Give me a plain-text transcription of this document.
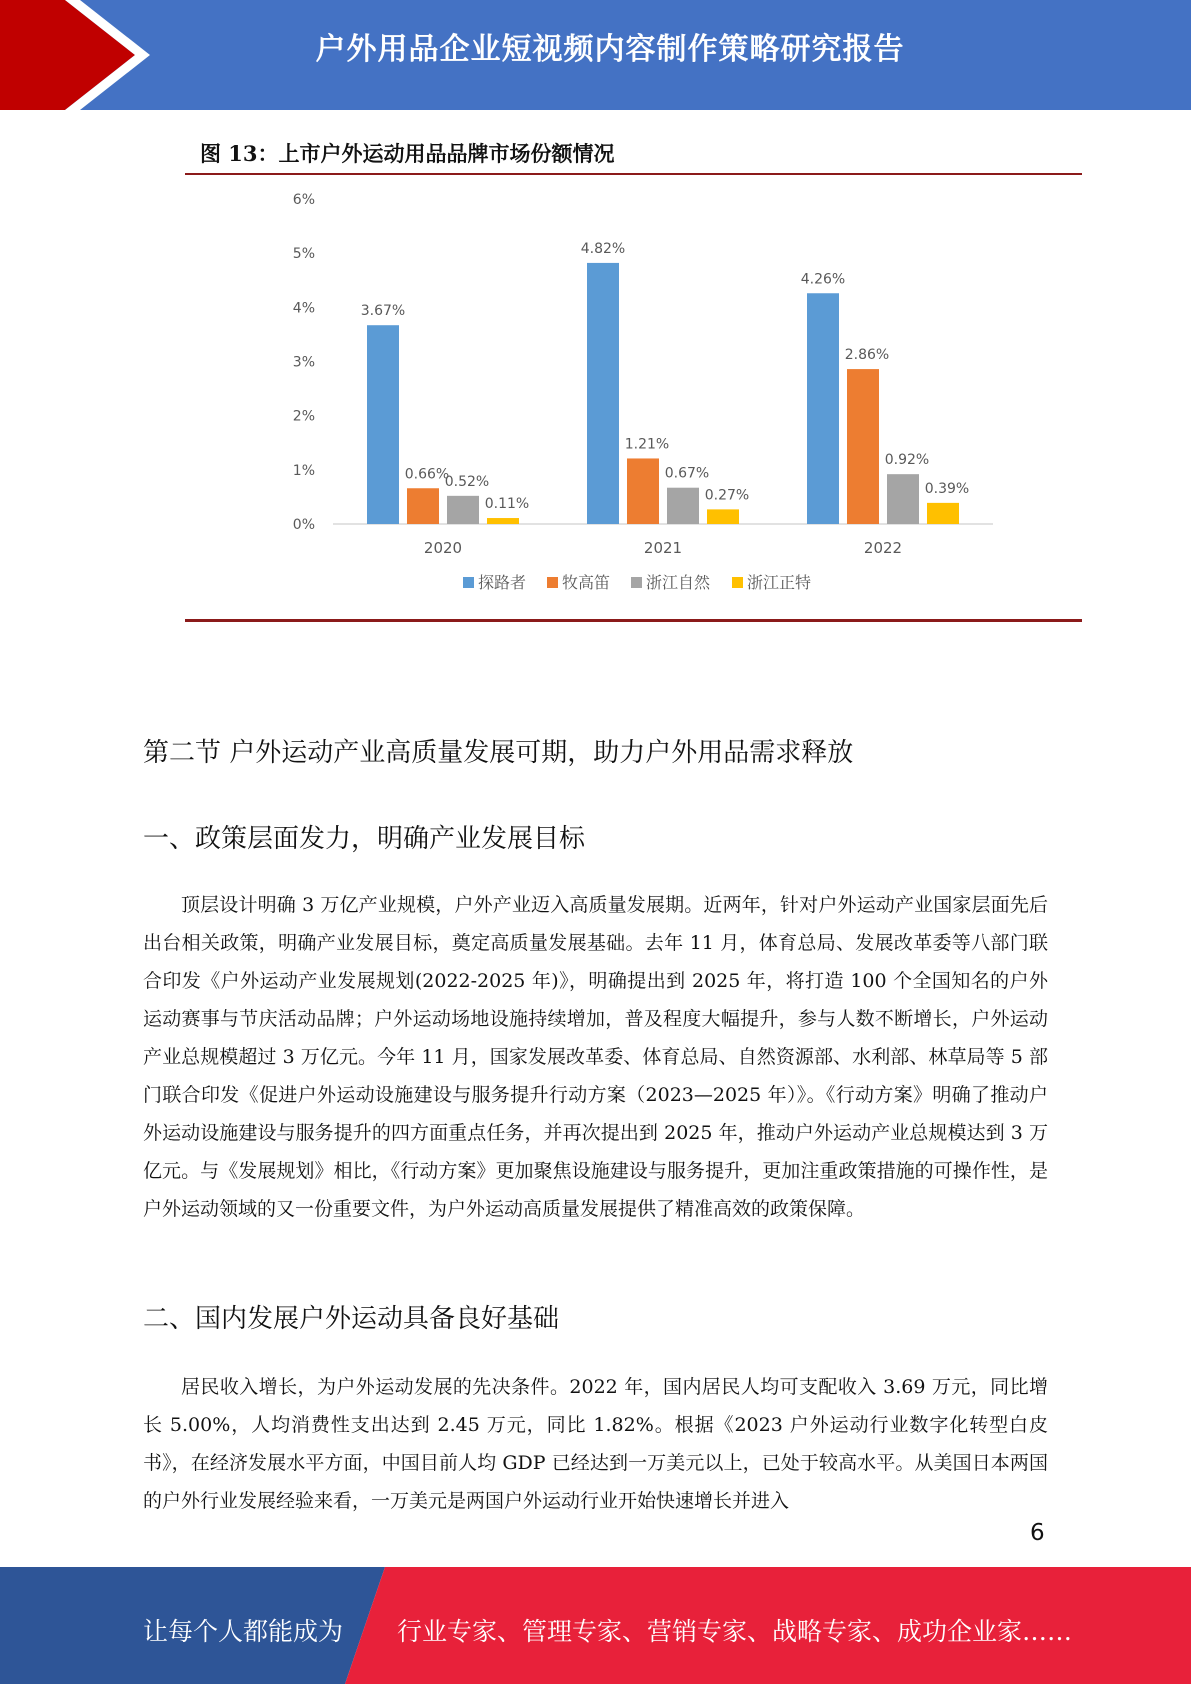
户外用品企业短视频内容制作策略研究报告
图 13：上市户外运动用品品牌市场份额情况
0%
1%
2%
3%
4%
5%
6%
3.67%
0.66%
0.52%
0.11%
2020
4.82%
1.21%
0.67%
0.27%
2021
4.26%
2.86%
0.92%
0.39%
2022
探路者 牧高笛 浙江自然 浙江正特
第二节 户外运动产业高质量发展可期，助力户外用品需求释放
一、政策层面发力，明确产业发展目标
顶层设计明确 3 万亿产业规模，户外产业迈入高质量发展期。近两年，针对户外运动产业国家层面先后出台相关政策，明确产业发展目标，奠定高质量发展基础。去年 11 月，体育总局、发展改革委等八部门联合印发《户外运动产业发展规划(2022-2025 年)》，明确提出到 2025 年，将打造 100 个全国知名的户外运动赛事与节庆活动品牌；户外运动场地设施持续增加，普及程度大幅提升，参与人数不断增长，户外运动产业总规模超过 3 万亿元。今年 11 月，国家发展改革委、体育总局、自然资源部、水利部、林草局等 5 部门联合印发《促进户外运动设施建设与服务提升行动方案（2023—2025 年）》。《行动方案》明确了推动户外运动设施建设与服务提升的四方面重点任务，并再次提出到 2025 年，推动户外运动产业总规模达到 3 万亿元。与《发展规划》相比，《行动方案》更加聚焦设施建设与服务提升，更加注重政策措施的可操作性，是户外运动领域的又一份重要文件，为户外运动高质量发展提供了精准高效的政策保障。
二、国内发展户外运动具备良好基础
居民收入增长，为户外运动发展的先决条件。2022 年，国内居民人均可支配收入 3.69 万元，同比增长 5.00%，人均消费性支出达到 2.45 万元，同比 1.82%。根据《2023 户外运动行业数字化转型白皮书》，在经济发展水平方面，中国目前人均 GDP 已经达到一万美元以上，已处于较高水平。从美国日本两国的户外行业发展经验来看，一万美元是两国户外运动行业开始快速增长并进入
6
让每个人都能成为 行业专家、管理专家、营销专家、战略专家、成功企业家……
